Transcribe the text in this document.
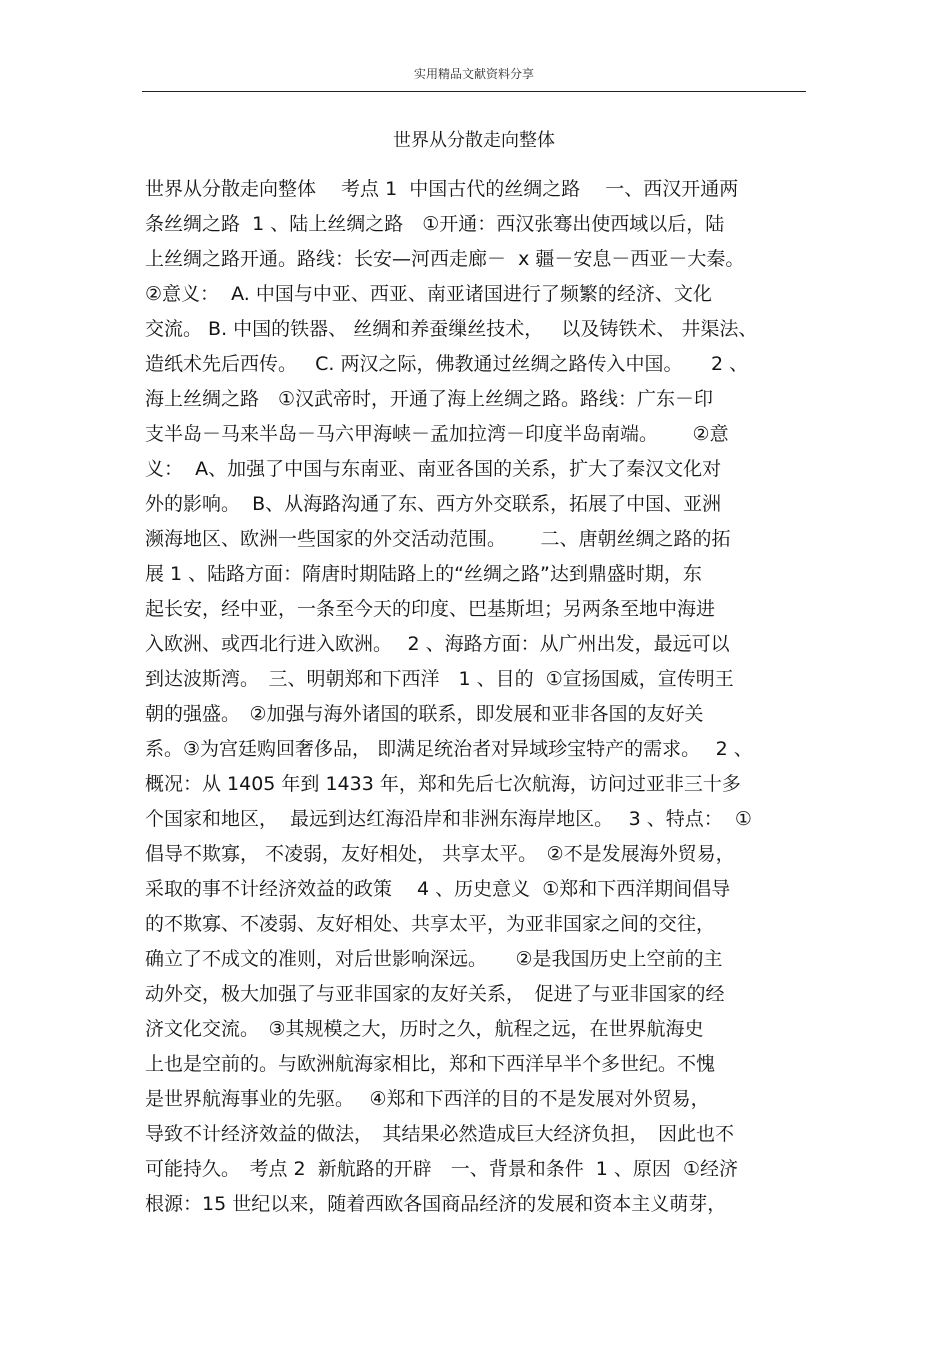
实用精品文献资料分享
世界从分散走向整体
世界从分散走向整体　 考点 1  中国古代的丝绸之路　 一、西汉开通两
条丝绸之路  1 、陆上丝绸之路　①开通：西汉张骞出使西域以后，陆
上丝绸之路开通。路线：长安—河西走廊－  x 疆－安息－西亚－大秦。
②意义：  A. 中国与中亚、西亚、南亚诸国进行了频繁的经济、文化
交流。 B. 中国的铁器、 丝绸和养蚕缫丝技术，   以及铸铁术、 井渠法、
造纸术先后西传。   C. 两汉之际，佛教通过丝绸之路传入中国。　　2 、
海上丝绸之路　①汉武帝时，开通了海上丝绸之路。路线：广东－印
支半岛－马来半岛－马六甲海峡－孟加拉湾－印度半岛南端。　　 ②意
义：  A、加强了中国与东南亚、南亚各国的关系，扩大了秦汉文化对
外的影响。  B、从海路沟通了东、西方外交联系，拓展了中国、亚洲
濒海地区、欧洲一些国家的外交活动范围。　　 二、唐朝丝绸之路的拓
展 1 、陆路方面：隋唐时期陆路上的“丝绸之路”达到鼎盛时期，东
起长安，经中亚，一条至今天的印度、巴基斯坦；另两条至地中海进
入欧洲、或西北行进入欧洲。　 2 、海路方面：从广州出发，最远可以
到达波斯湾。　三、明朝郑和下西洋　1 、目的  ①宣扬国威，宣传明王
朝的强盛。　②加强与海外诸国的联系，即发展和亚非各国的友好关
系。③为宫廷购回奢侈品， 即满足统治者对异域珍宝特产的需求。　 2 、
概况：从 1405 年到 1433 年，郑和先后七次航海，访问过亚非三十多
个国家和地区，  最远到达红海沿岸和非洲东海岸地区。　 3 、特点：  ①
倡导不欺寡， 不凌弱，友好相处， 共享太平。　②不是发展海外贸易，
采取的事不计经济效益的政策　 4 、历史意义  ①郑和下西洋期间倡导
的不欺寡、不凌弱、友好相处、共享太平，为亚非国家之间的交往，
确立了不成文的准则，对后世影响深远。　　②是我国历史上空前的主
动外交，极大加强了与亚非国家的友好关系，　促进了与亚非国家的经
济文化交流。　③其规模之大，历时之久，航程之远，在世界航海史
上也是空前的。与欧洲航海家相比，郑和下西洋早半个多世纪。不愧
是世界航海事业的先驱。　 ④郑和下西洋的目的不是发展对外贸易，
导致不计经济效益的做法，　其结果必然造成巨大经济负担，　因此也不
可能持久。　考点 2  新航路的开辟　一、背景和条件  1 、原因  ①经济
根源：15 世纪以来，随着西欧各国商品经济的发展和资本主义萌芽，
